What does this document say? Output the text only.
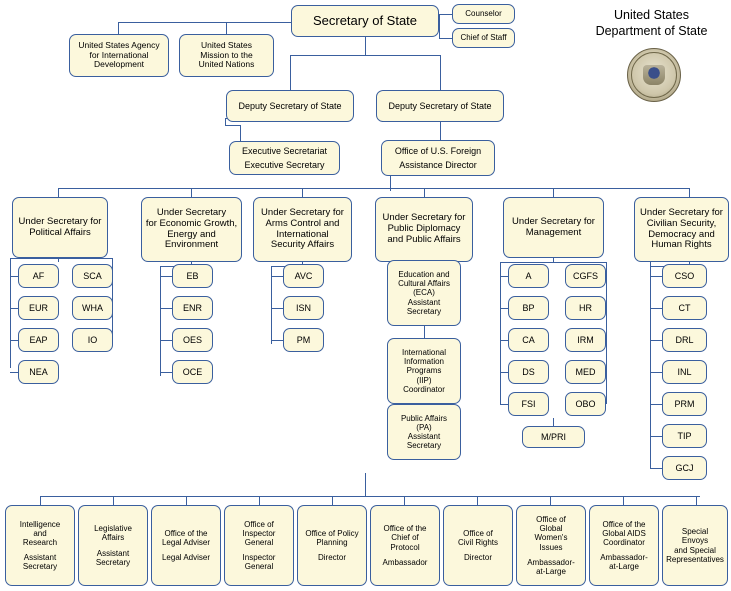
United States
Department of State
Secretary of State	Counselor
Chief of Staff
United States Agency
for International
Development
United States
Mission to the
United Nations
Deputy Secretary of State	Deputy Secretary of State
Executive Secretariat
Executive Secretary
Office of U.S. Foreign
Assistance Director
Under Secretary for
Political Affairs
Under Secretary
for Economic Growth,
Energy and
Environment
Under Secretary for
Arms Control and
International
Security Affairs
Under Secretary for
Public Diplomacy
and Public Affairs
Under Secretary for
Management
Under Secretary for
Civilian Security,
Democracy and
Human Rights
AF	SCA
EUR	WHA
EAP	IO
NEA
EB
ENR
OES
OCE
AVC
ISN
PM
Education and
Cultural Affairs
(ECA)
Assistant
Secretary
International
Information
Programs
(IIP)
Coordinator
Public Affairs
(PA)
Assistant
Secretary
A	CGFS
BP	HR
CA	IRM
DS	MED
FSI	OBO
M/PRI
CSO
CT
DRL
INL
PRM
TIP
GCJ
Intelligence
and
Research
Assistant
Secretary
Legislative
Affairs
Assistant
Secretary
Office of the
Legal Adviser
Legal Adviser
Office of
Inspector
General
Inspector
General
Office of Policy
Planning
Director
Office of the
Chief of
Protocol
Ambassador
Office of
Civil Rights
Director
Office of
Global
Women's
Issues
Ambassador-
at-Large
Office of the
Global AIDS
Coordinator
Ambassador-
at-Large
Special
Envoys
and Special
Representatives
